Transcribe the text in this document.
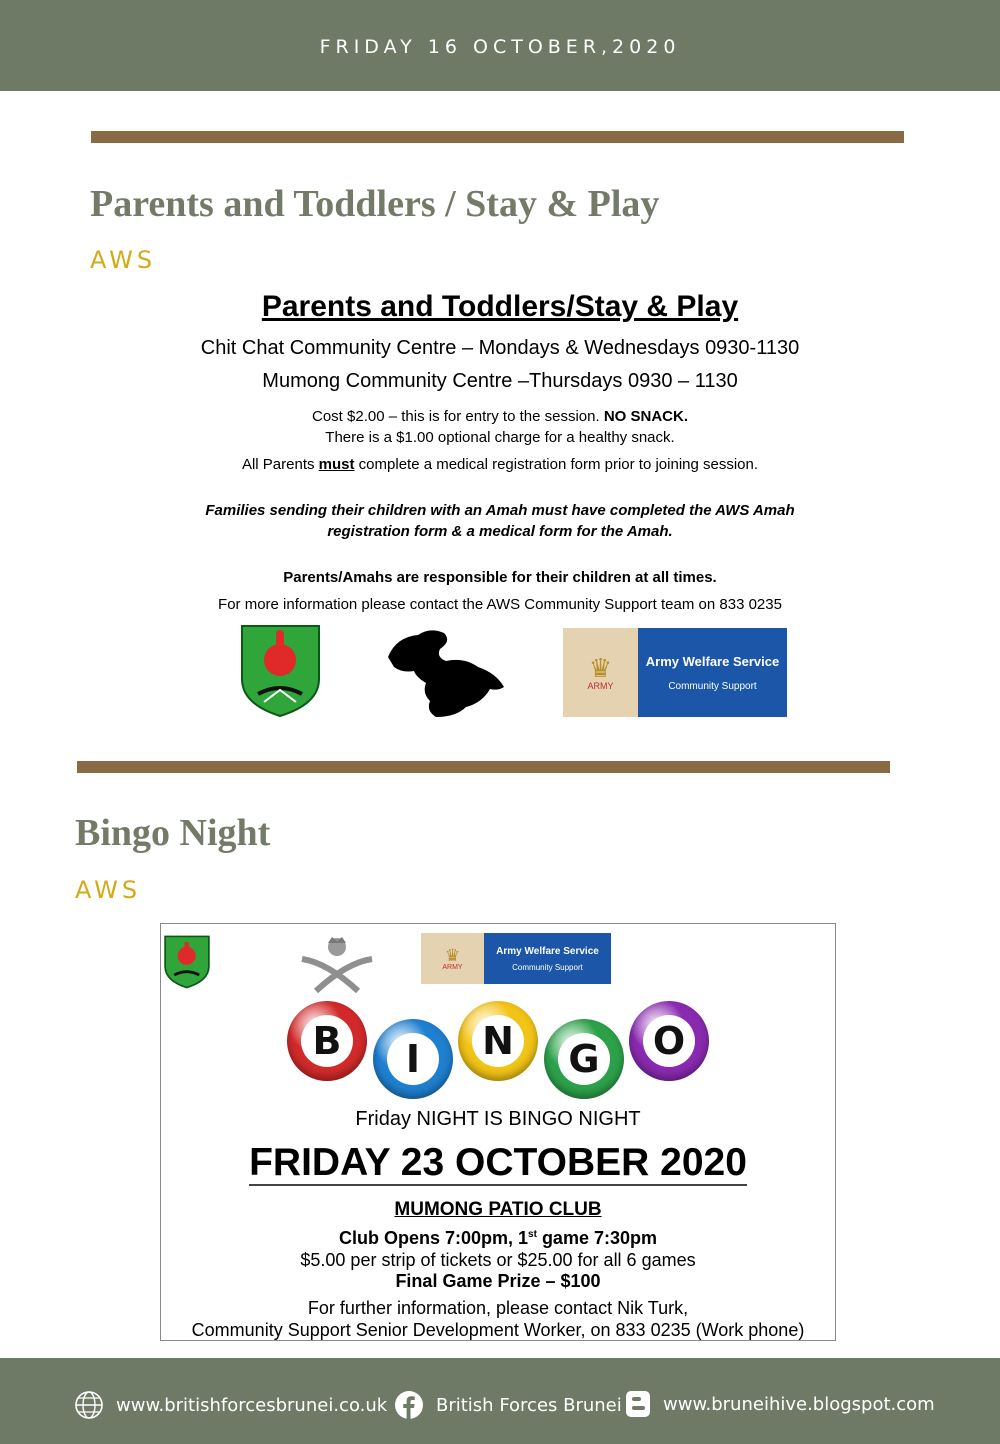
FRIDAY 16 OCTOBER,2020
Parents and Toddlers / Stay & Play
AWS
Parents and Toddlers/Stay & Play
Chit Chat Community Centre – Mondays & Wednesdays 0930-1130
Mumong Community Centre –Thursdays 0930 – 1130
Cost $2.00 – this is for entry to the session. NO SNACK.
There is a $1.00 optional charge for a healthy snack.
All Parents must complete a medical registration form prior to joining session.
Families sending their children with an Amah must have completed the AWS Amah
registration form & a medical form for the Amah.
Parents/Amahs are responsible for their children at all times.
For more information please contact the AWS Community Support team on 833 0235
♛
ARMY
Army Welfare Service
Community Support
Bingo Night
AWS
♛
ARMY
Army Welfare Service
Community Support
B I N G O
Friday NIGHT IS BINGO NIGHT
FRIDAY 23 OCTOBER 2020
MUMONG PATIO CLUB
Club Opens 7:00pm, 1st game 7:30pm
$5.00 per strip of tickets or $25.00 for all 6 games
Final Game Prize – $100
For further information, please contact Nik Turk,
Community Support Senior Development Worker, on 833 0235 (Work phone)
www.britishforcesbrunei.co.uk	British Forces Brunei www.bruneihive.blogspot.com
